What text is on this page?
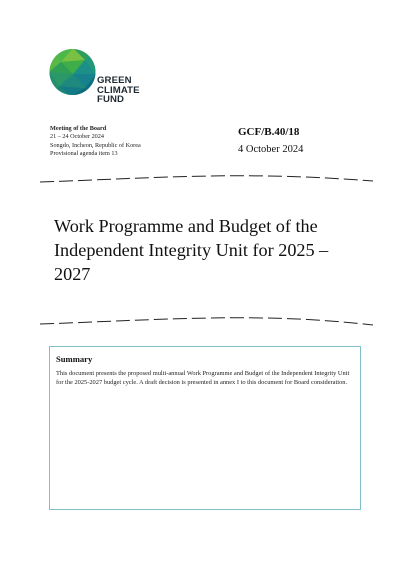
GREEN
CLIMATE
FUND
Meeting of the Board
21 – 24 October 2024
Songdo, Incheon, Republic of Korea
Provisional agenda item 13
GCF/B.40/18
4 October 2024
Work Programme and Budget of the Independent Integrity Unit for 2025 – 2027
Summary
This document presents the proposed multi-annual Work Programme and Budget of the Independent Integrity Unit for the 2025-2027 budget cycle. A draft decision is presented in annex I to this document for Board consideration.
